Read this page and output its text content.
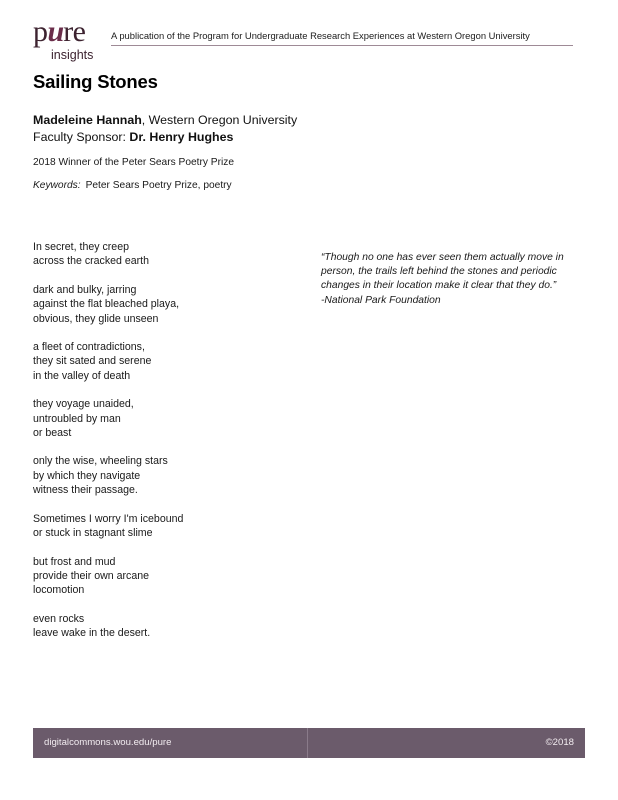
pure
insights
A publication of the Program for Undergraduate Research Experiences at Western Oregon University
Sailing Stones
Madeleine Hannah, Western Oregon University
Faculty Sponsor: Dr. Henry Hughes
2018 Winner of the Peter Sears Poetry Prize
Keywords: Peter Sears Poetry Prize, poetry
In secret, they creep
across the cracked earth
dark and bulky, jarring
against the flat bleached playa,
obvious, they glide unseen
a fleet of contradictions,
they sit sated and serene
in the valley of death
they voyage unaided,
untroubled by man
or beast
only the wise, wheeling stars
by which they navigate
witness their passage.
Sometimes I worry I'm icebound
or stuck in stagnant slime
but frost and mud
provide their own arcane
locomotion
even rocks
leave wake in the desert.
“Though no one has ever seen them actually move in
person, the trails left behind the stones and periodic
changes in their location make it clear that they do.”
-National Park Foundation
digitalcommons.wou.edu/pure	©2018
